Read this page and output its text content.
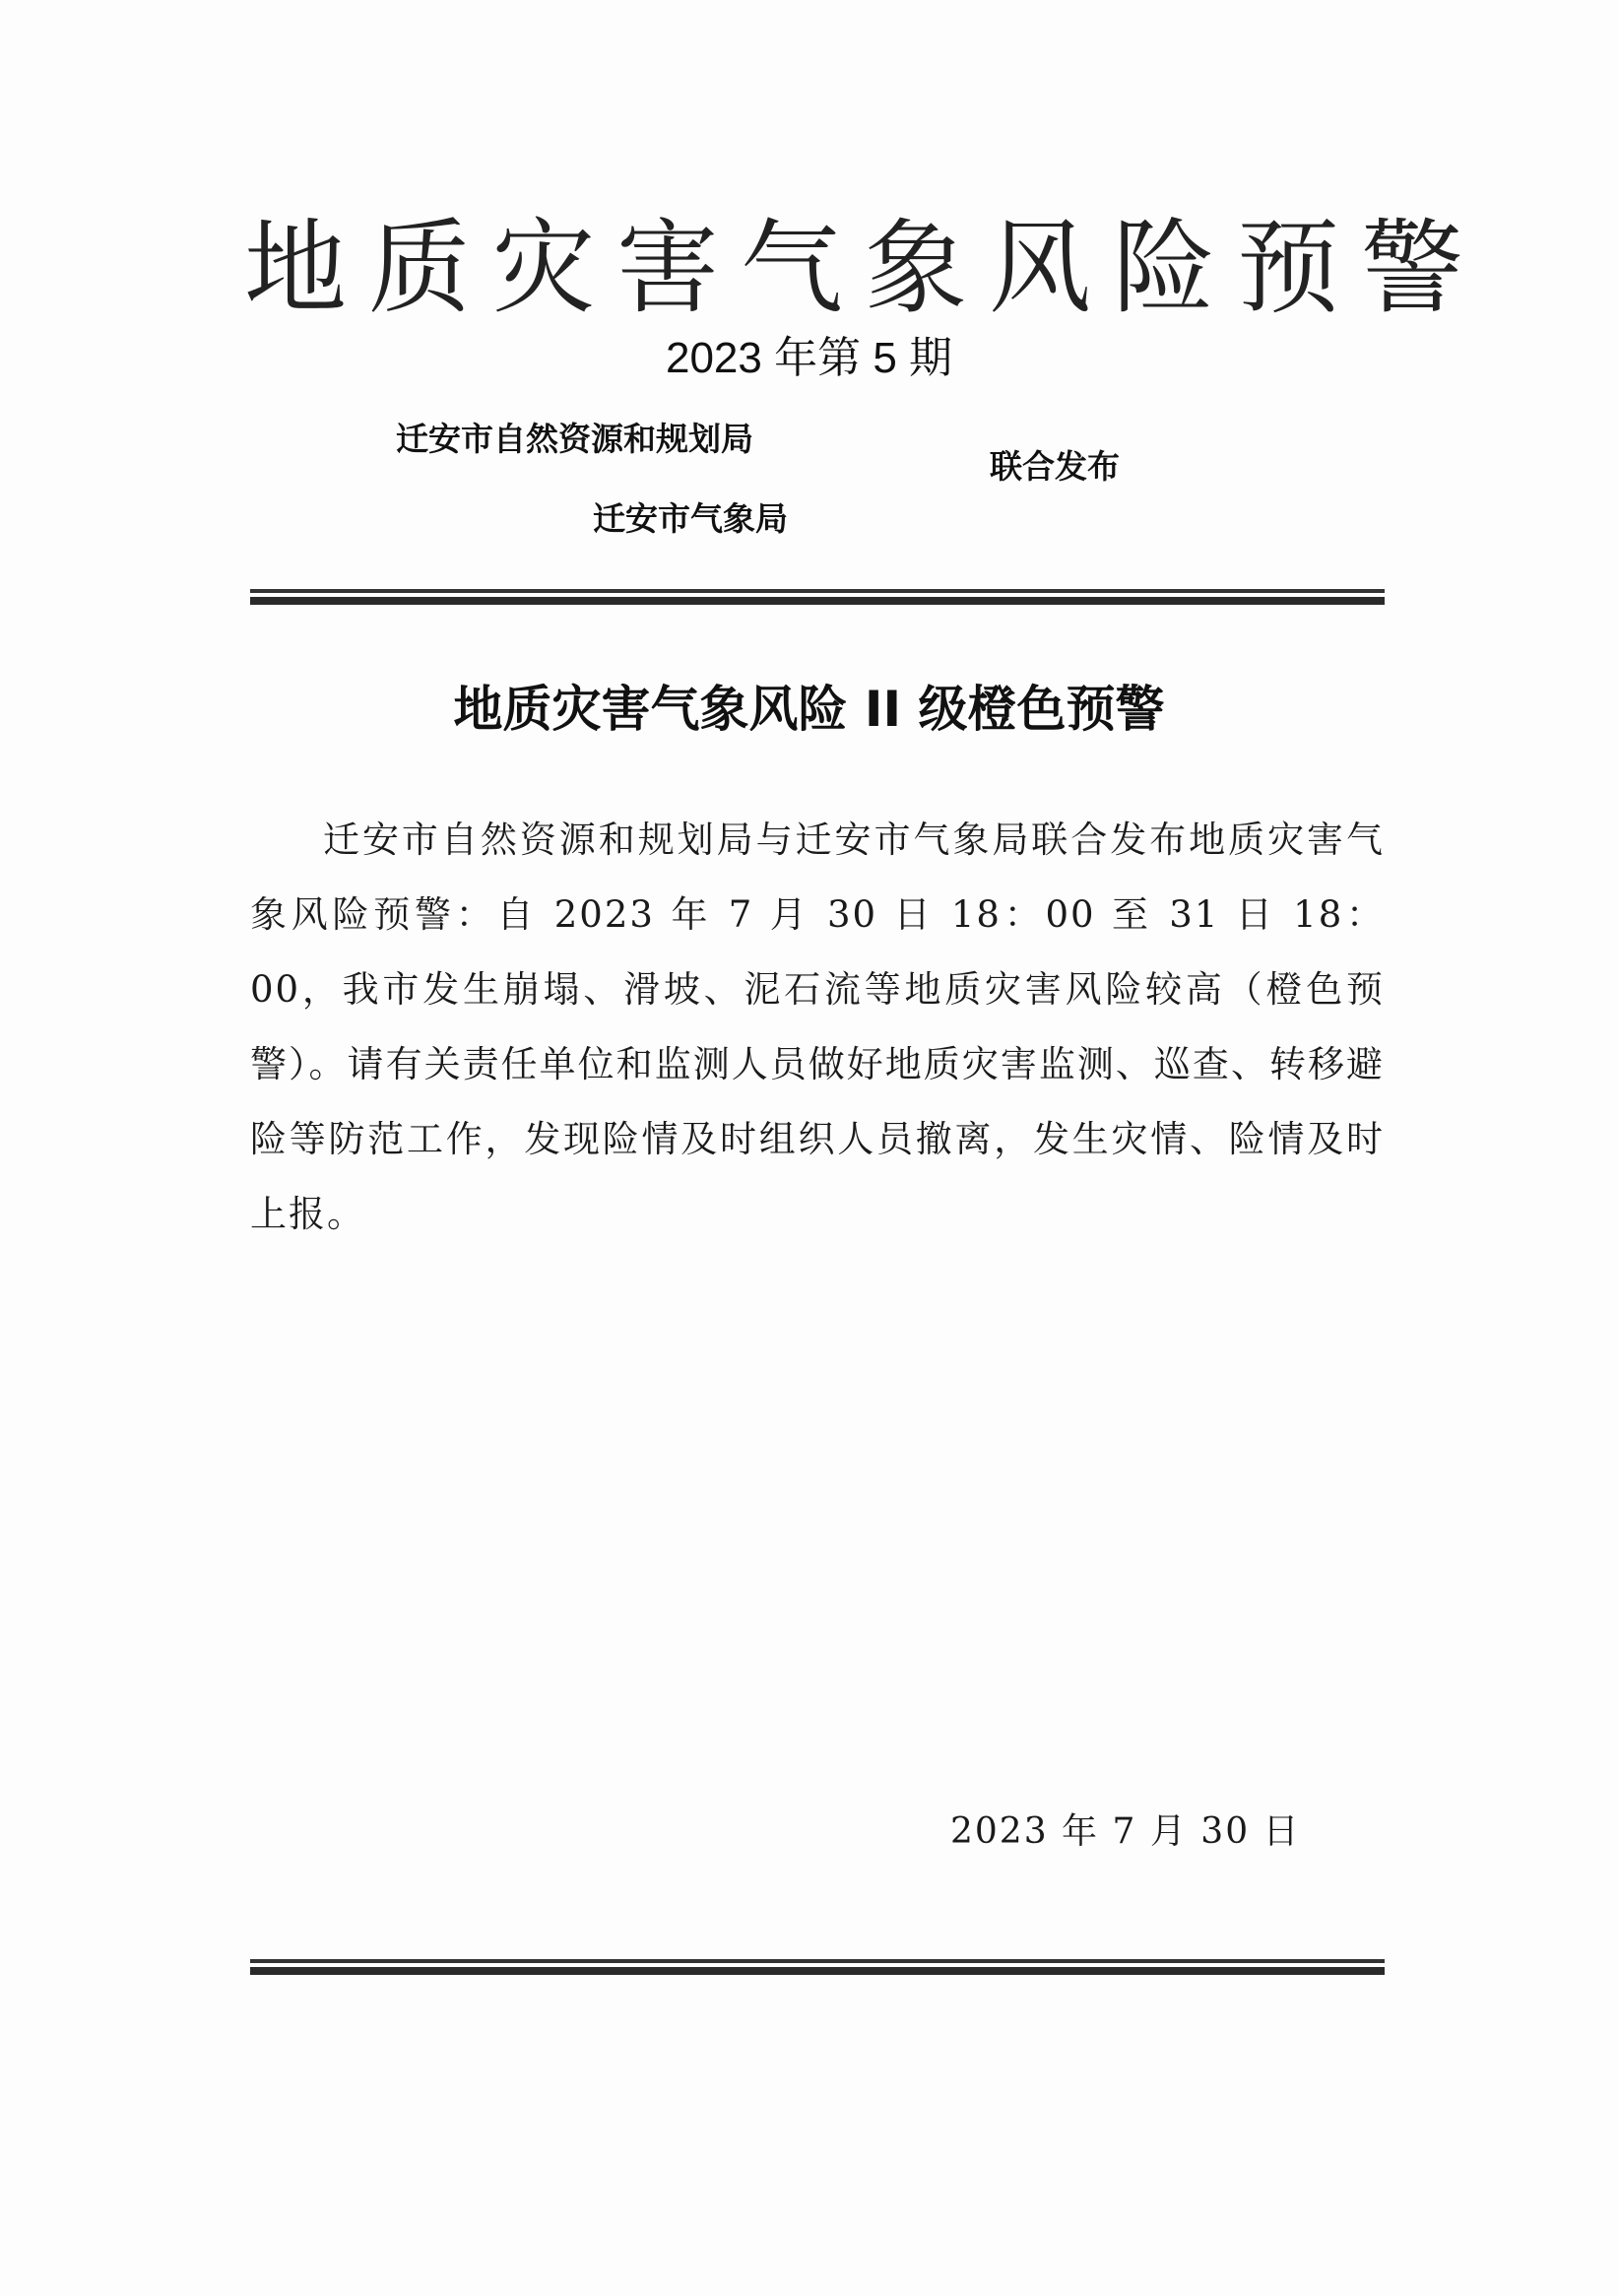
地质灾害气象风险预警
2023 年第 5 期
迁安市自然资源和规划局
迁安市气象局
联合发布
地质灾害气象风险 II 级橙色预警

迁安市自然资源和规划局与迁安市气象局联合发布地质灾害气象风险预警：自 2023 年 7 月 30 日 18：00 至 31 日 18：00，我市发生崩塌、滑坡、泥石流等地质灾害风险较高（橙色预警）。请有关责任单位和监测人员做好地质灾害监测、巡查、转移避险等防范工作，发现险情及时组织人员撤离，发生灾情、险情及时上报。

2023 年 7 月 30 日
